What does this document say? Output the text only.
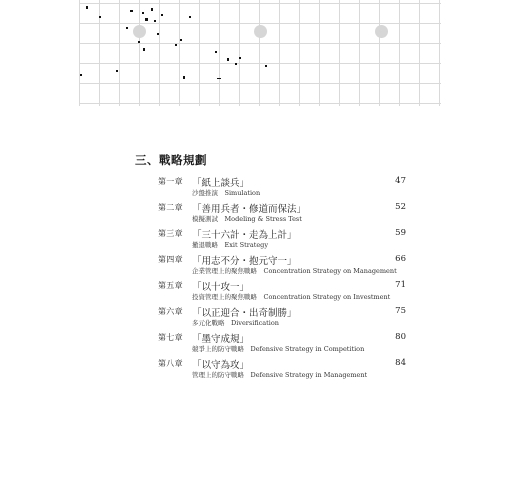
三、戰略規劃
第一章 「紙上談兵」
沙盤推演　Simulation
47
第二章 「善用兵者・修道而保法」
模擬測試　Modeling & Stress Test
52
第三章 「三十六計・走為上計」
撤退戰略　Exit Strategy
59
第四章 「用志不分・抱元守一」
企業管理上的聚焦戰略　Concentration Strategy on Management
66
第五章 「以十攻一」
投資管理上的聚焦戰略　Concentration Strategy on Investment
71
第六章 「以正迎合・出奇制勝」
多元化戰略　Diversification
75
第七章 「墨守成規」
競爭上的防守戰略　Defensive Strategy in Competition
80
第八章 「以守為攻」
管理上的防守戰略　Defensive Strategy in Management
84
